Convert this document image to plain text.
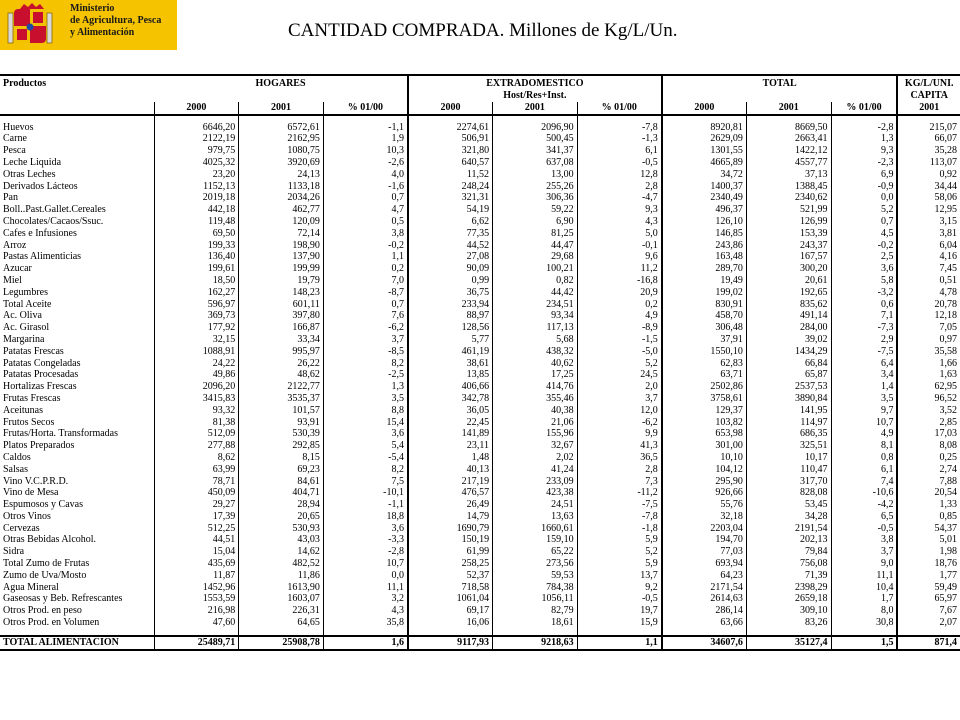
Ministerio
de Agricultura, Pesca
y Alimentación	CANTIDAD COMPRADA. Millones de Kg/L/Un.
Productos	HOGARES			EXTRADOMESTICO			TOTAL			KG/L/UNI.
				Host/Res+Inst.						CÁPITA
	2000	2001	% 01/00	2000	2001	% 01/00	2000	2001	% 01/00	2001

Huevos	6646,20	6572,61	-1,1	2274,61	2096,90	-7,8	8920,81	8669,50	-2,8	215,07
Carne	2122,19	2162,95	1,9	506,91	500,45	-1,3	2629,09	2663,41	1,3	66,07
Pesca	979,75	1080,75	10,3	321,80	341,37	6,1	1301,55	1422,12	9,3	35,28
Leche Liquida	4025,32	3920,69	-2,6	640,57	637,08	-0,5	4665,89	4557,77	-2,3	113,07
Otras Leches	23,20	24,13	4,0	11,52	13,00	12,8	34,72	37,13	6,9	0,92
Derivados Lácteos	1152,13	1133,18	-1,6	248,24	255,26	2,8	1400,37	1388,45	-0,9	34,44
Pan	2019,18	2034,26	0,7	321,31	306,36	-4,7	2340,49	2340,62	0,0	58,06
Boll..Past.Gallet.Cereales	442,18	462,77	4,7	54,19	59,22	9,3	496,37	521,99	5,2	12,95
Chocolates/Cacaos/Ssuc.	119,48	120,09	0,5	6,62	6,90	4,3	126,10	126,99	0,7	3,15
Cafes e Infusiones	69,50	72,14	3,8	77,35	81,25	5,0	146,85	153,39	4,5	3,81
Arroz	199,33	198,90	-0,2	44,52	44,47	-0,1	243,86	243,37	-0,2	6,04
Pastas Alimenticias	136,40	137,90	1,1	27,08	29,68	9,6	163,48	167,57	2,5	4,16
Azucar	199,61	199,99	0,2	90,09	100,21	11,2	289,70	300,20	3,6	7,45
Miel	18,50	19,79	7,0	0,99	0,82	-16,8	19,49	20,61	5,8	0,51
Legumbres	162,27	148,23	-8,7	36,75	44,42	20,9	199,02	192,65	-3,2	4,78
Total Aceite	596,97	601,11	0,7	233,94	234,51	0,2	830,91	835,62	0,6	20,78
Ac. Oliva	369,73	397,80	7,6	88,97	93,34	4,9	458,70	491,14	7,1	12,18
Ac. Girasol	177,92	166,87	-6,2	128,56	117,13	-8,9	306,48	284,00	-7,3	7,05
Margarina	32,15	33,34	3,7	5,77	5,68	-1,5	37,91	39,02	2,9	0,97
Patatas Frescas	1088,91	995,97	-8,5	461,19	438,32	-5,0	1550,10	1434,29	-7,5	35,58
Patatas Congeladas	24,22	26,22	8,2	38,61	40,62	5,2	62,83	66,84	6,4	1,66
Patatas Procesadas	49,86	48,62	-2,5	13,85	17,25	24,5	63,71	65,87	3,4	1,63
Hortalizas Frescas	2096,20	2122,77	1,3	406,66	414,76	2,0	2502,86	2537,53	1,4	62,95
Frutas Frescas	3415,83	3535,37	3,5	342,78	355,46	3,7	3758,61	3890,84	3,5	96,52
Aceitunas	93,32	101,57	8,8	36,05	40,38	12,0	129,37	141,95	9,7	3,52
Frutos Secos	81,38	93,91	15,4	22,45	21,06	-6,2	103,82	114,97	10,7	2,85
Frutas/Horta. Transformadas	512,09	530,39	3,6	141,89	155,96	9,9	653,98	686,35	4,9	17,03
Platos Preparados	277,88	292,85	5,4	23,11	32,67	41,3	301,00	325,51	8,1	8,08
Caldos	8,62	8,15	-5,4	1,48	2,02	36,5	10,10	10,17	0,8	0,25
Salsas	63,99	69,23	8,2	40,13	41,24	2,8	104,12	110,47	6,1	2,74
Vino V.C.P.R.D.	78,71	84,61	7,5	217,19	233,09	7,3	295,90	317,70	7,4	7,88
Vino de Mesa	450,09	404,71	-10,1	476,57	423,38	-11,2	926,66	828,08	-10,6	20,54
Espumosos y Cavas	29,27	28,94	-1,1	26,49	24,51	-7,5	55,76	53,45	-4,2	1,33
Otros Vinos	17,39	20,65	18,8	14,79	13,63	-7,8	32,18	34,28	6,5	0,85
Cervezas	512,25	530,93	3,6	1690,79	1660,61	-1,8	2203,04	2191,54	-0,5	54,37
Otras Bebidas Alcohol.	44,51	43,03	-3,3	150,19	159,10	5,9	194,70	202,13	3,8	5,01
Sidra	15,04	14,62	-2,8	61,99	65,22	5,2	77,03	79,84	3,7	1,98
Total Zumo de Frutas	435,69	482,52	10,7	258,25	273,56	5,9	693,94	756,08	9,0	18,76
Zumo de Uva/Mosto	11,87	11,86	0,0	52,37	59,53	13,7	64,23	71,39	11,1	1,77
Agua Mineral	1452,96	1613,90	11,1	718,58	784,38	9,2	2171,54	2398,29	10,4	59,49
Gaseosas y Beb. Refrescantes	1553,59	1603,07	3,2	1061,04	1056,11	-0,5	2614,63	2659,18	1,7	65,97
Otros Prod. en peso	216,98	226,31	4,3	69,17	82,79	19,7	286,14	309,10	8,0	7,67
Otros Prod. en Volumen	47,60	64,65	35,8	16,06	18,61	15,9	63,66	83,26	30,8	2,07

TOTAL ALIMENTACION	25489,71	25908,78	1,6	9117,93	9218,63	1,1	34607,6	35127,4	1,5	871,4
